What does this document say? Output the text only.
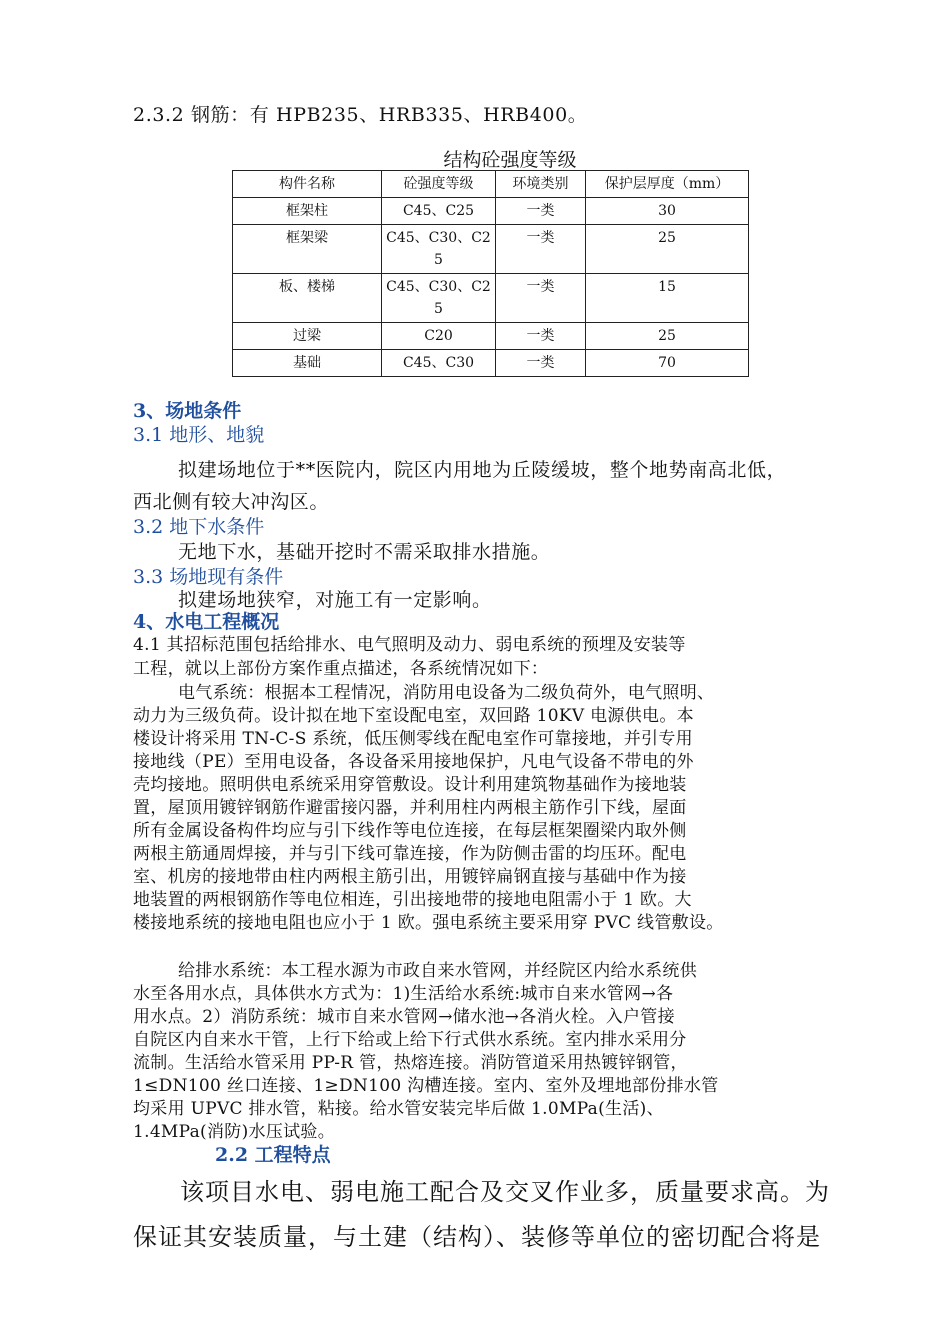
2.3.2 钢筋：有 HPB235、HRB335、HRB400。
结构砼强度等级
构件名称	砼强度等级	环境类别	保护层厚度（mm）
框架柱	C45、C25	一类	30
框架梁	C45、C30、C25	一类	25
板、楼梯	C45、C30、C25	一类	15
过梁	C20	一类	25
基础	C45、C30	一类	70
3、场地条件
3.1 地形、地貌
拟建场地位于**医院内，院区内用地为丘陵缓坡，整个地势南高北低，
西北侧有较大冲沟区。
3.2 地下水条件
无地下水，基础开挖时不需采取排水措施。
3.3 场地现有条件
拟建场地狭窄，对施工有一定影响。
4、水电工程概况
4.1 其招标范围包括给排水、电气照明及动力、弱电系统的预埋及安装等
工程，就以上部份方案作重点描述，各系统情况如下：
电气系统：根据本工程情况，消防用电设备为二级负荷外，电气照明、
动力为三级负荷。设计拟在地下室设配电室，双回路 10KV 电源供电。本
楼设计将采用 TN-C-S 系统，低压侧零线在配电室作可靠接地，并引专用
接地线（PE）至用电设备，各设备采用接地保护，凡电气设备不带电的外
壳均接地。照明供电系统采用穿管敷设。设计利用建筑物基础作为接地装
置，屋顶用镀锌钢筋作避雷接闪器，并利用柱内两根主筋作引下线，屋面
所有金属设备构件均应与引下线作等电位连接，在每层框架圈梁内取外侧
两根主筋通周焊接，并与引下线可靠连接，作为防侧击雷的均压环。配电
室、机房的接地带由柱内两根主筋引出，用镀锌扁钢直接与基础中作为接
地装置的两根钢筋作等电位相连，引出接地带的接地电阻需小于 1 欧。大
楼接地系统的接地电阻也应小于 1 欧。强电系统主要采用穿 PVC 线管敷设。
给排水系统：本工程水源为市政自来水管网，并经院区内给水系统供
水至各用水点，具体供水方式为：1)生活给水系统:城市自来水管网→各
用水点。2）消防系统：城市自来水管网→储水池→各消火栓。入户管接
自院区内自来水干管，上行下给或上给下行式供水系统。室内排水采用分
流制。生活给水管采用 PP-R 管，热熔连接。消防管道采用热镀锌钢管，
1≤DN100 丝口连接、1≥DN100 沟槽连接。室内、室外及埋地部份排水管
均采用 UPVC 排水管，粘接。给水管安装完毕后做 1.0MPa(生活)、
1.4MPa(消防)水压试验。
2.2 工程特点
该项目水电、弱电施工配合及交叉作业多，质量要求高。为
保证其安装质量，与土建（结构）、装修等单位的密切配合将是
